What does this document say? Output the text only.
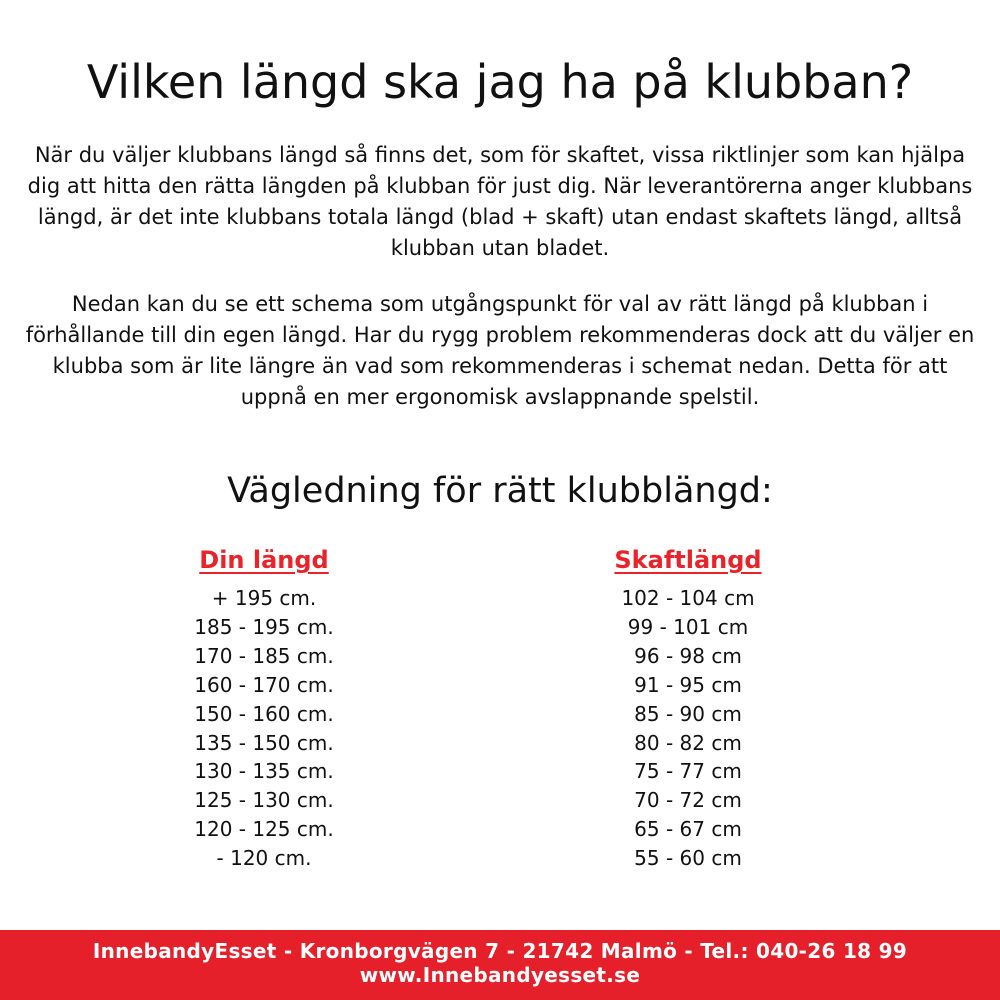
Vilken längd ska jag ha på klubban?

När du väljer klubbans längd så finns det, som för skaftet, vissa riktlinjer som kan hjälpa dig att hitta den rätta längden på klubban för just dig. När leverantörerna anger klubbans längd, är det inte klubbans totala längd (blad + skaft) utan endast skaftets längd, alltså klubban utan bladet.

Nedan kan du se ett schema som utgångspunkt för val av rätt längd på klubban i förhållande till din egen längd. Har du rygg problem rekommenderas dock att du väljer en klubba som är lite längre än vad som rekommenderas i schemat nedan. Detta för att uppnå en mer ergonomisk avslappnande spelstil.

Vägledning för rätt klubblängd:
Din längd
+ 195 cm.
185 - 195 cm.
170 - 185 cm.
160 - 170 cm.
150 - 160 cm.
135 - 150 cm.
130 - 135 cm.
125 - 130 cm.
120 - 125 cm.
- 120 cm.
Skaftlängd
102 - 104 cm
99 - 101 cm
96 - 98 cm
91 - 95 cm
85 - 90 cm
80 - 82 cm
75 - 77 cm
70 - 72 cm
65 - 67 cm
55 - 60 cm
InnebandyEsset - Kronborgvägen 7 - 21742 Malmö - Tel.: 040-26 18 99
www.Innebandyesset.se
